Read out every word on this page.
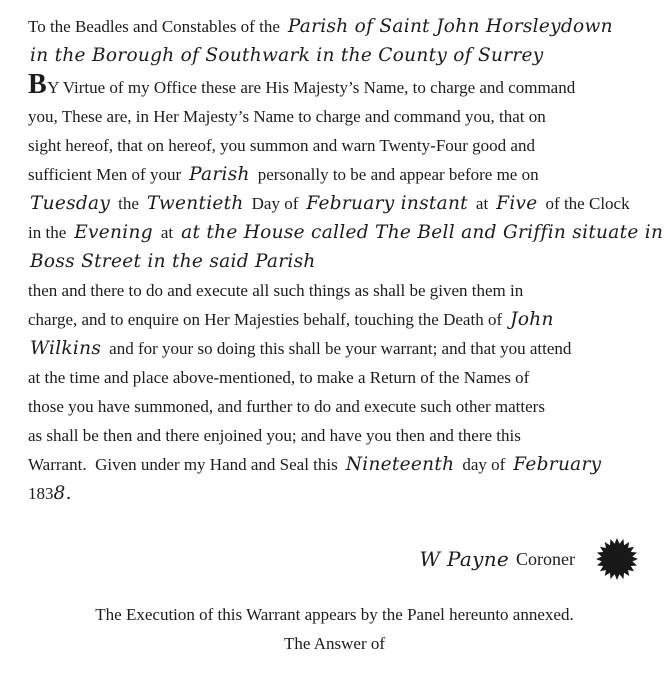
To the Beadles and Constables of the Parish of Saint John Horsleydown
in the Borough of Southwark in the County of Surrey
BY Virtue of my Office these are His Majesty’s Name, to charge and command
you, These are, in Her Majesty’s Name to charge and command you, that on
sight hereof, that on hereof, you summon and warn Twenty-Four good and
sufficient Men of your Parish personally to be and appear before me on
Tuesday the Twentieth Day of February instant at Five of the Clock
in the Evening at at the House called The Bell and Griffin situate in
Boss Street in the said Parish
then and there to do and execute all such things as shall be given them in
charge, and to enquire on Her Majesties behalf, touching the Death of John
Wilkins and for your so doing this shall be your warrant; and that you attend
at the time and place above-mentioned, to make a Return of the Names of
those you have summoned, and further to do and execute such other matters
as shall be then and there enjoined you; and have you then and there this
Warrant.  Given under my Hand and Seal this Nineteenth day of February
1838.
W Payne Coroner
The Execution of this Warrant appears by the Panel hereunto annexed.
The Answer of
